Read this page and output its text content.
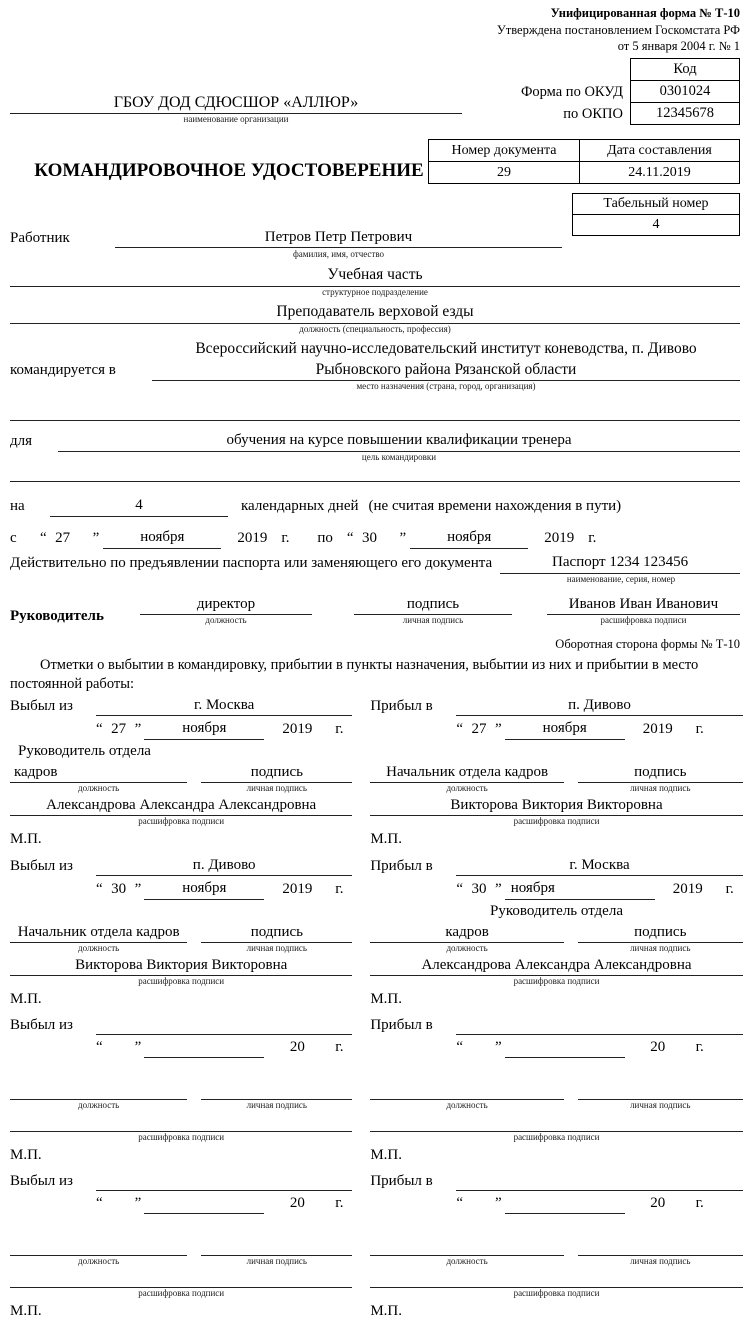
Унифицированная форма № Т-10
Утверждена постановлением Госкомстата РФ
от 5 января 2004 г. № 1
ГБОУ ДОД СДЮСШОР «АЛЛЮР»
наименование организации
Форма по ОКУД
по ОКПО
Код
0301024
12345678
КОМАНДИРОВОЧНОЕ УДОСТОВЕРЕНИЕ
Номер документа	Дата составления
29	24.11.2019
Табельный номер
4
Работник	Петров Петр Петрович
фамилия, имя, отчество
Учебная часть
структурное подразделение
Преподаватель верховой езды
должность (специальность, профессия)
командируется в
Всероссийский научно-исследовательский институт коневодства, п. Дивово
Рыбновского района Рязанской области
место назначения (страна, город, организация)
для	обучения на курсе повышении квалификации тренера
цель командировки
на	4	календарных дней (не считая времени нахождения в пути)
с	“ 27	”	ноября	2019 г.	по “ 30	”	ноября	2019 г.
Действительно по предъявлении паспорта или заменяющего его документа	Паспорт 1234 123456
наименование, серия, номер
Руководитель
директор
должность
подпись
личная подпись
Иванов Иван Иванович
расшифровка подписи
Оборотная сторона формы № Т-10
Отметки о выбытии в командировку, прибытии в пункты назначения, выбытии из них и прибытии в место постоянной работы:
Выбыл из	г. Москва
“ 27 ”	ноября	2019	г.
Руководитель отдела
кадров
должность
подпись
личная подпись
Александрова Александра Александровна
расшифровка подписи
М.П.
Прибыл в	п. Дивово
“ 27 ”	ноября	2019	г.
Начальник отдела кадров
должность
подпись
личная подпись
Викторова Виктория Викторовна
расшифровка подписи
М.П.
Выбыл из	п. Дивово
“ 30 ”	ноября	2019	г.
Начальник отдела кадров
должность
подпись
личная подпись
Викторова Виктория Викторовна
расшифровка подписи
М.П.
Прибыл в	г. Москва
“ 30 ” ноября	2019	г.
Руководитель отдела
кадров
должность
подпись
личная подпись
Александрова Александра Александровна
расшифровка подписи
М.П.
Выбыл из
“ ”	20	г.
должность	личная подпись
расшифровка подписи
М.П.
Прибыл в
“ ”	20	г.
должность	личная подпись
расшифровка подписи
М.П.
Выбыл из
“ ”	20	г.
должность	личная подпись
расшифровка подписи
М.П.
Прибыл в
“ ”	20	г.
должность	личная подпись
расшифровка подписи
М.П.
